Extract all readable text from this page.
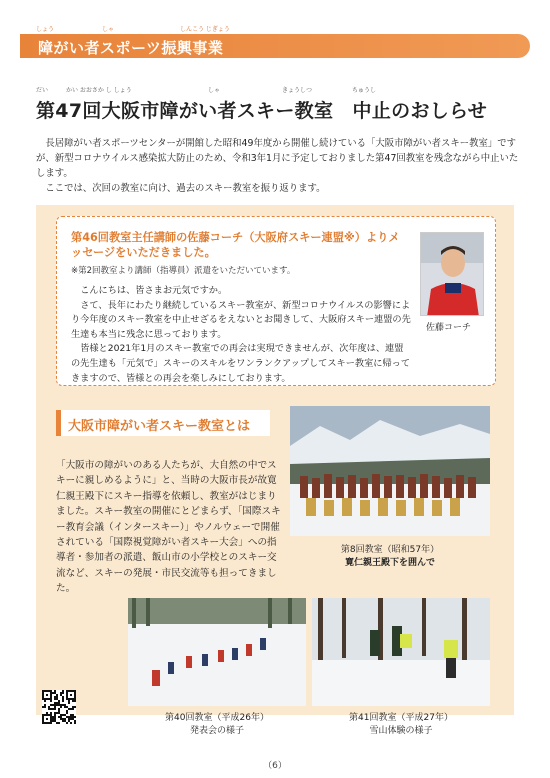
しょう	しゃ	しんこう じぎょう
障がい者スポーツ振興事業
だい	かい おおさか し しょう	しゃ	きょうしつ	ちゅうし
第47回大阪市障がい者スキー教室　中止のおしらせ

長居障がい者スポーツセンターが開館した昭和49年度から開催し続けている「大阪市障がい者スキー教室」ですが、新型コロナウイルス感染拡大防止のため、令和3年1月に予定しておりました第47回教室を残念ながら中止いたします。

ここでは、次回の教室に向け、過去のスキー教室を振り返ります。

第46回教室主任講師の佐藤コーチ（大阪府スキー連盟※）よりメッセージをいただきました。
※第2回教室より講師（指導員）派遣をいただいています。

こんにちは、皆さまお元気ですか。

さて、長年にわたり継続しているスキー教室が、新型コロナウイルスの影響により今年度のスキー教室を中止せざるをえないとお聞きして、大阪府スキー連盟の先生達も本当に残念に思っております。

皆様と2021年1月のスキー教室での再会は実現できませんが、次年度は、連盟の先生達も「元気で」スキーのスキルをワンランクアップしてスキー教室に帰ってきますので、皆様との再会を楽しみにしております。

佐藤コーチ
大阪市障がい者スキー教室とは
「大阪市の障がいのある人たちが、大自然の中でスキーに親しめるように」と、当時の大阪市長が故寛仁親王殿下にスキー指導を依頼し、教室がはじまりました。スキー教室の開催にとどまらず、「国際スキー教育会議（インタースキー）」やノルウェーで開催されている「国際視覚障がい者スキー大会」への指導者・参加者の派遣、飯山市の小学校とのスキー交流など、スキーの発展・市民交流等も担ってきました。
第8回教室（昭和57年）
寛仁親王殿下を囲んで
第40回教室（平成26年）
発表会の様子
第41回教室（平成27年）
雪山体験の様子
（6）
